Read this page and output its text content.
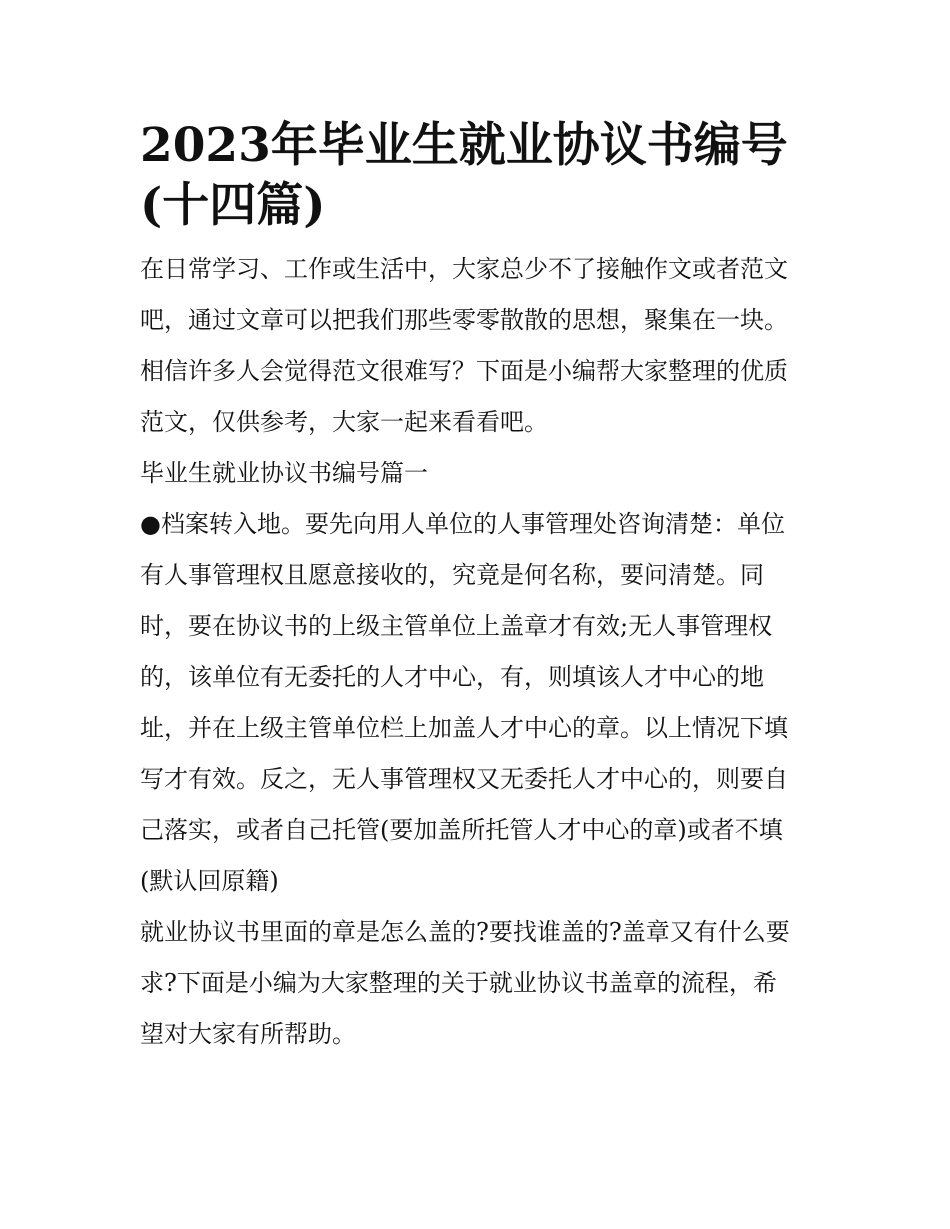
2023年毕业生就业协议书编号
(十四篇)

在日常学习、工作或生活中，大家总少不了接触作文或者范文
吧，通过文章可以把我们那些零零散散的思想，聚集在一块。
相信许多人会觉得范文很难写？下面是小编帮大家整理的优质
范文，仅供参考，大家一起来看看吧。

毕业生就业协议书编号篇一

●档案转入地。要先向用人单位的人事管理处咨询清楚：单位
有人事管理权且愿意接收的，究竟是何名称，要问清楚。同
时，要在协议书的上级主管单位上盖章才有效;无人事管理权
的，该单位有无委托的人才中心，有，则填该人才中心的地
址，并在上级主管单位栏上加盖人才中心的章。以上情况下填
写才有效。反之，无人事管理权又无委托人才中心的，则要自
己落实，或者自己托管(要加盖所托管人才中心的章)或者不填
(默认回原籍)

就业协议书里面的章是怎么盖的?要找谁盖的?盖章又有什么要
求?下面是小编为大家整理的关于就业协议书盖章的流程，希
望对大家有所帮助。
